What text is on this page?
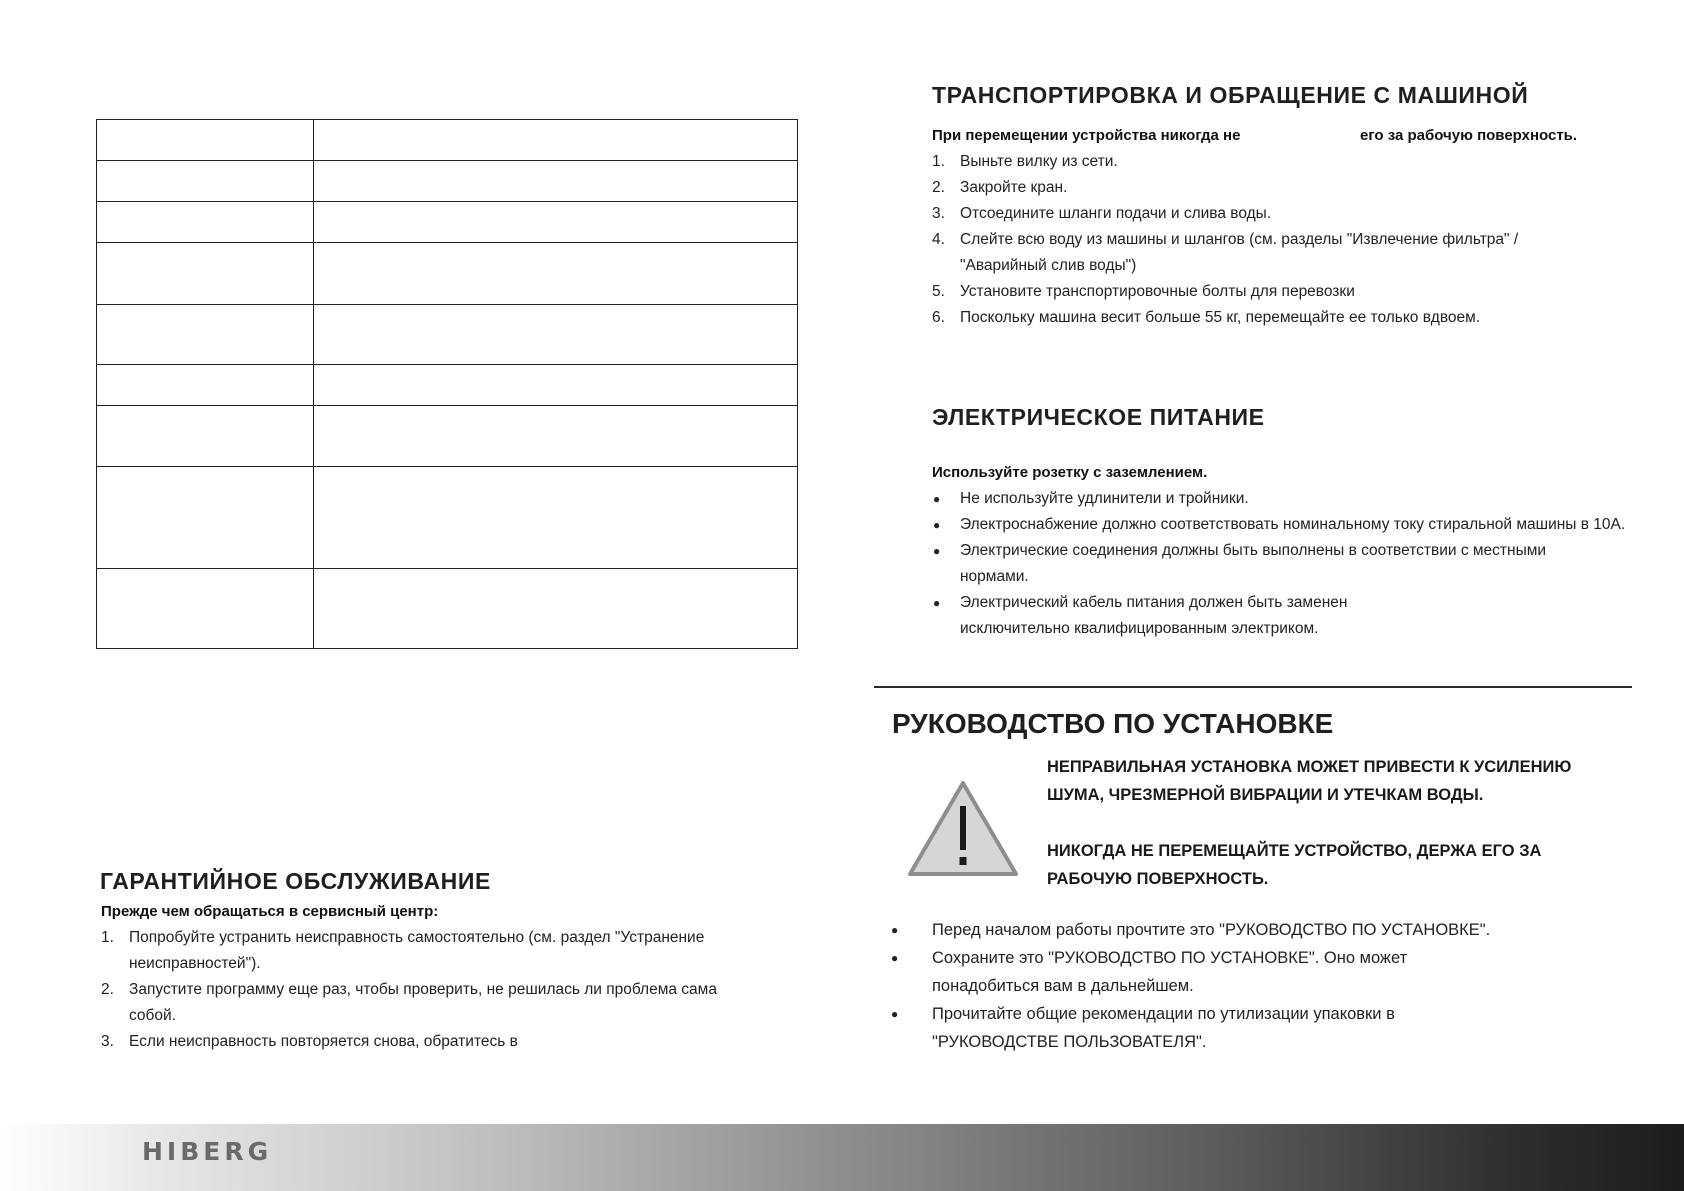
ТРАНСПОРТИРОВКА И ОБРАЩЕНИЕ С МАШИНОЙ

При перемещении устройства никогда не	его за рабочую поверхность.

1. Выньте вилку из сети.
2. Закройте кран.
3. Отсоедините шланги подачи и слива воды.
4. Слейте всю воду из машины и шлангов (см. разделы "Извлечение фильтра" / "Аварийный слив воды")
5. Установите транспортировочные болты для перевозки
6. Поскольку машина весит больше 55 кг, перемещайте ее только вдвоем.
ЭЛЕКТРИЧЕСКОЕ ПИТАНИЕ

Используйте розетку с заземлением.

● Не используйте удлинители и тройники.
● Электроснабжение должно соответствовать номинальному току стиральной машины в 10А.
● Электрические соединения должны быть выполнены в соответствии с местными нормами.
● Электрический кабель питания должен быть заменен исключительно квалифицированным электриком.
РУКОВОДСТВО ПО УСТАНОВКЕ

НЕПРАВИЛЬНАЯ УСТАНОВКА МОЖЕТ ПРИВЕСТИ К УСИЛЕНИЮ ШУМА, ЧРЕЗМЕРНОЙ ВИБРАЦИИ И УТЕЧКАМ ВОДЫ.

НИКОГДА НЕ ПЕРЕМЕЩАЙТЕ УСТРОЙСТВО, ДЕРЖА ЕГО ЗА РАБОЧУЮ ПОВЕРХНОСТЬ.

● Перед началом работы прочтите это "РУКОВОДСТВО ПО УСТАНОВКЕ".
● Сохраните это "РУКОВОДСТВО ПО УСТАНОВКЕ". Оно может понадобиться вам в дальнейшем.
● Прочитайте общие рекомендации по утилизации упаковки в "РУКОВОДСТВЕ ПОЛЬЗОВАТЕЛЯ".
ГАРАНТИЙНОЕ ОБСЛУЖИВАНИЕ

Прежде чем обращаться в сервисный центр:

1. Попробуйте устранить неисправность самостоятельно (см. раздел "Устранение неисправностей").
2. Запустите программу еще раз, чтобы проверить, не решилась ли проблема сама собой.
3. Если неисправность повторяется снова, обратитесь в
HIBERG
